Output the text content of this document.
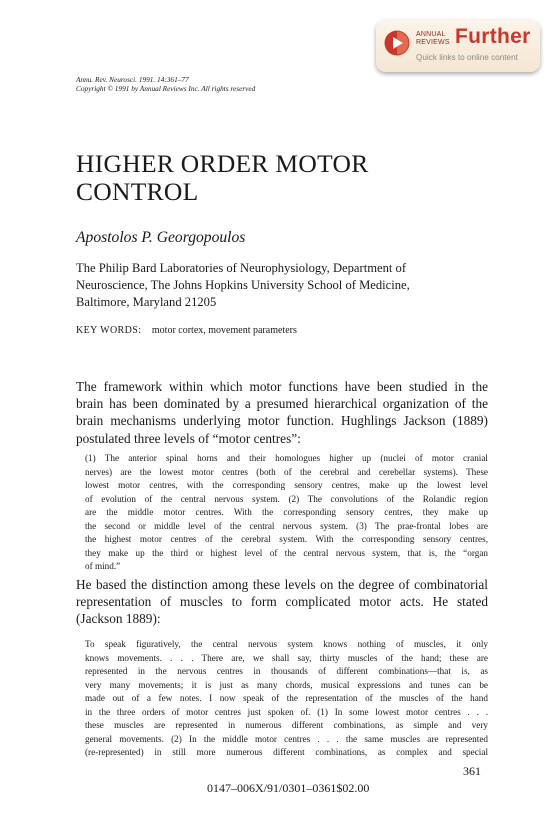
ANNUAL
REVIEWS Further
Quick links to online content
Annu. Rev. Neurosci. 1991. 14:361–77
Copyright © 1991 by Annual Reviews Inc. All rights reserved
HIGHER ORDER MOTOR
CONTROL
Apostolos P. Georgopoulos
The Philip Bard Laboratories of Neurophysiology, Department of
Neuroscience, The Johns Hopkins University School of Medicine,
Baltimore, Maryland 21205
KEY WORDS: motor cortex, movement parameters
The framework within which motor functions have been studied in the
brain has been dominated by a presumed hierarchical organization of the
brain mechanisms underlying motor function. Hughlings Jackson (1889)
postulated three levels of “motor centres”:
(1) The anterior spinal horns and their homologues higher up (nuclei of motor cranial
nerves) are the lowest motor centres (both of the cerebral and cerebellar systems). These
lowest motor centres, with the corresponding sensory centres, make up the lowest level
of evolution of the central nervous system. (2) The convolutions of the Rolandic region
are the middle motor centres. With the corresponding sensory centres, they make up
the second or middle level of the central nervous system. (3) The prae-frontal lobes are
the highest motor centres of the cerebral system. With the corresponding sensory centres,
they make up the third or highest level of the central nervous system, that is, the “organ
of mind.”
He based the distinction among these levels on the degree of combinatorial
representation of muscles to form complicated motor acts. He stated
(Jackson 1889):
To speak figuratively, the central nervous system knows nothing of muscles, it only
knows movements. . . . There are, we shall say, thirty muscles of the hand; these are
represented in the nervous centres in thousands of different combinations—that is, as
very many movements; it is just as many chords, musical expressions and tunes can be
made out of a few notes. I now speak of the representation of the muscles of the hand
in the three orders of motor centres just spoken of. (1) In some lowest motor centres . . .
these muscles are represented in numerous different combinations, as simple and very
general movements. (2) In the middle motor centres . . . the same muscles are represented
(re-represented) in still more numerous different combinations, as complex and special
361
0147–006X/91/0301–0361$02.00
